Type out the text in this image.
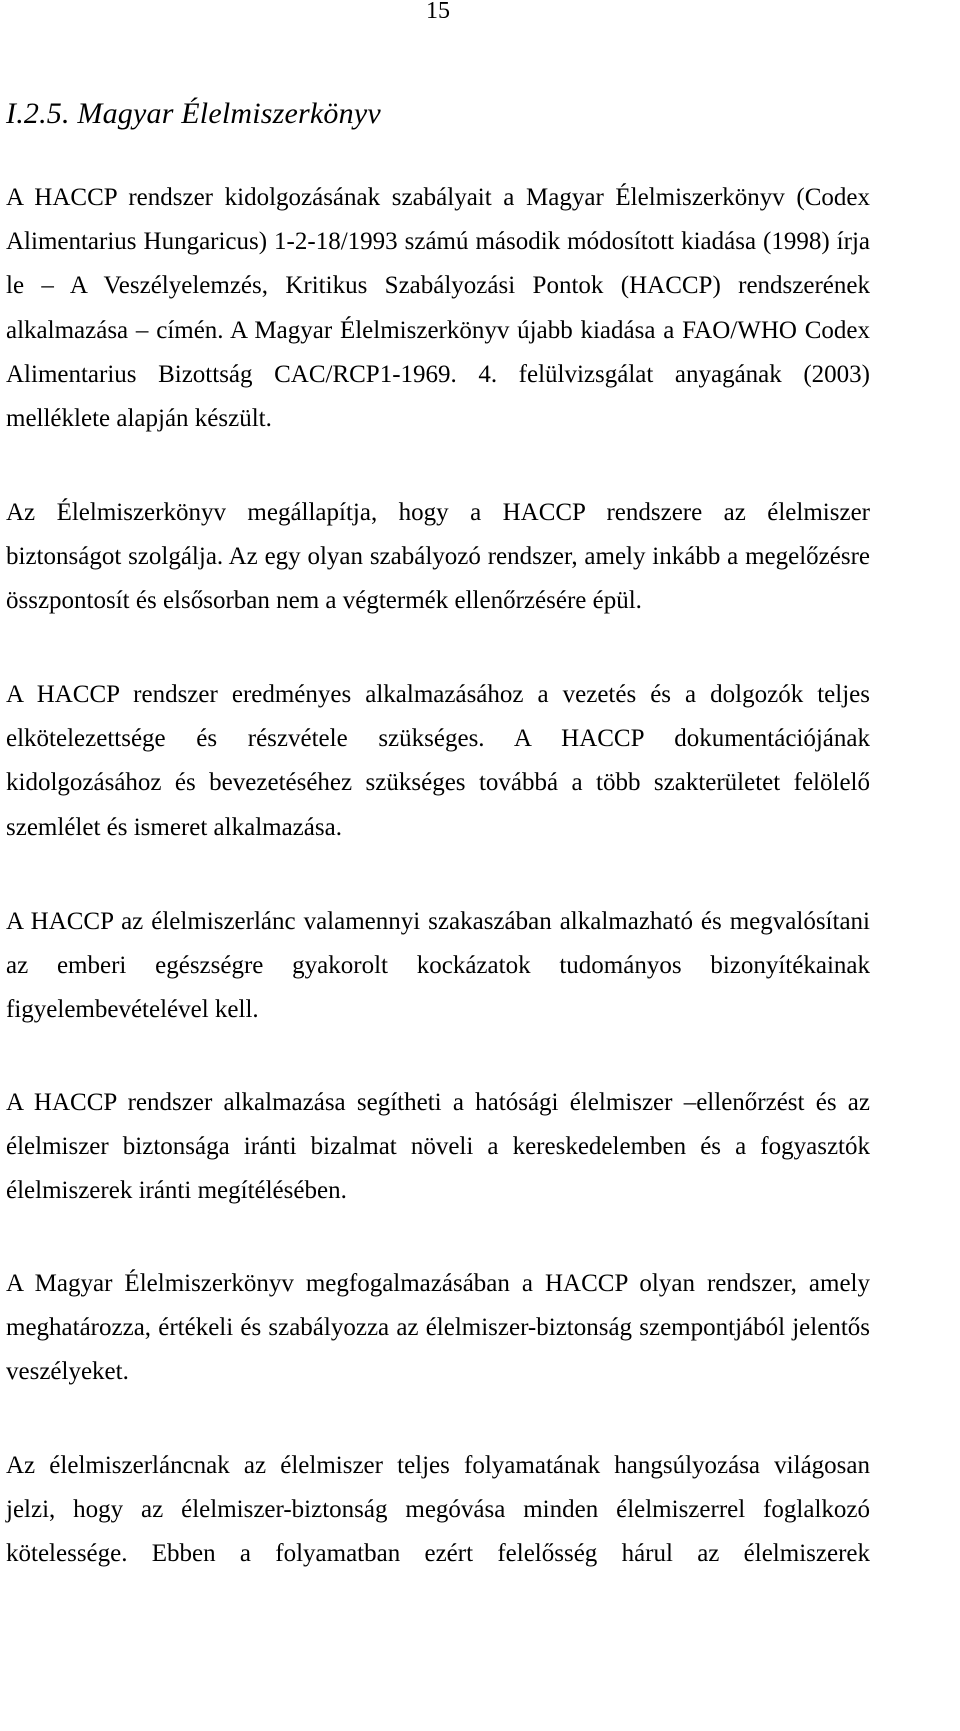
15
I.2.5. Magyar Élelmiszerkönyv

A HACCP rendszer kidolgozásának szabályait a Magyar Élelmiszerkönyv (Codex Alimentarius Hungaricus) 1-2-18/1993 számú második módosított kiadása (1998) írja le – A Veszélyelemzés, Kritikus Szabályozási Pontok (HACCP) rendszerének alkalmazása – címén. A Magyar Élelmiszerkönyv újabb kiadása a FAO/WHO Codex Alimentarius Bizottság CAC/RCP1-1969. 4. felülvizsgálat anyagának (2003) melléklete alapján készült.

Az Élelmiszerkönyv megállapítja, hogy a HACCP rendszere az élelmiszer biztonságot szolgálja. Az egy olyan szabályozó rendszer, amely inkább a megelőzésre összpontosít és elsősorban nem a végtermék ellenőrzésére épül.

A HACCP rendszer eredményes alkalmazásához a vezetés és a dolgozók teljes elkötelezettsége és részvétele szükséges. A HACCP dokumentációjának kidolgozásához és bevezetéséhez szükséges továbbá a több szakterületet felölelő szemlélet és ismeret alkalmazása.

A HACCP az élelmiszerlánc valamennyi szakaszában alkalmazható és megvalósítani az emberi egészségre gyakorolt kockázatok tudományos bizonyítékainak figyelembevételével kell.

A HACCP rendszer alkalmazása segítheti a hatósági élelmiszer –ellenőrzést és az élelmiszer biztonsága iránti bizalmat növeli a kereskedelemben és a fogyasztók élelmiszerek iránti megítélésében.

A Magyar Élelmiszerkönyv megfogalmazásában a HACCP olyan rendszer, amely meghatározza, értékeli és szabályozza az élelmiszer-biztonság szempontjából jelentős veszélyeket.

Az élelmiszerláncnak az élelmiszer teljes folyamatának hangsúlyozása világosan jelzi, hogy az élelmiszer-biztonság megóvása minden élelmiszerrel foglalkozó kötelessége. Ebben a folyamatban ezért felelősség hárul az élelmiszerek
